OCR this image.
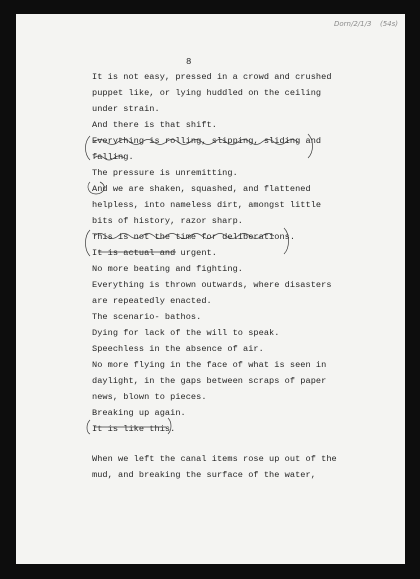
Dorn/2/1/3 (54s)
8
It is not easy, pressed in a crowd and crushed
puppet like, or lying huddled on the ceiling
under strain.
And there is that shift.
Everything is rolling, slipping, sliding and
falling.
The pressure is unremitting.
And we are shaken, squashed, and flattened
helpless, into nameless dirt, amongst little
bits of history, razor sharp.
This is not the time for deliberations.
It is actual and urgent.
No more beating and fighting.
Everything is thrown outwards, where disasters
are repeatedly enacted.
The scenario- bathos.
Dying for lack of the will to speak.
Speechless in the absence of air.
No more flying in the face of what is seen in
daylight, in the gaps between scraps of paper
news, blown to pieces.
Breaking up again.
It is like this.
When we left the canal items rose up out of the
mud, and breaking the surface of the water,
